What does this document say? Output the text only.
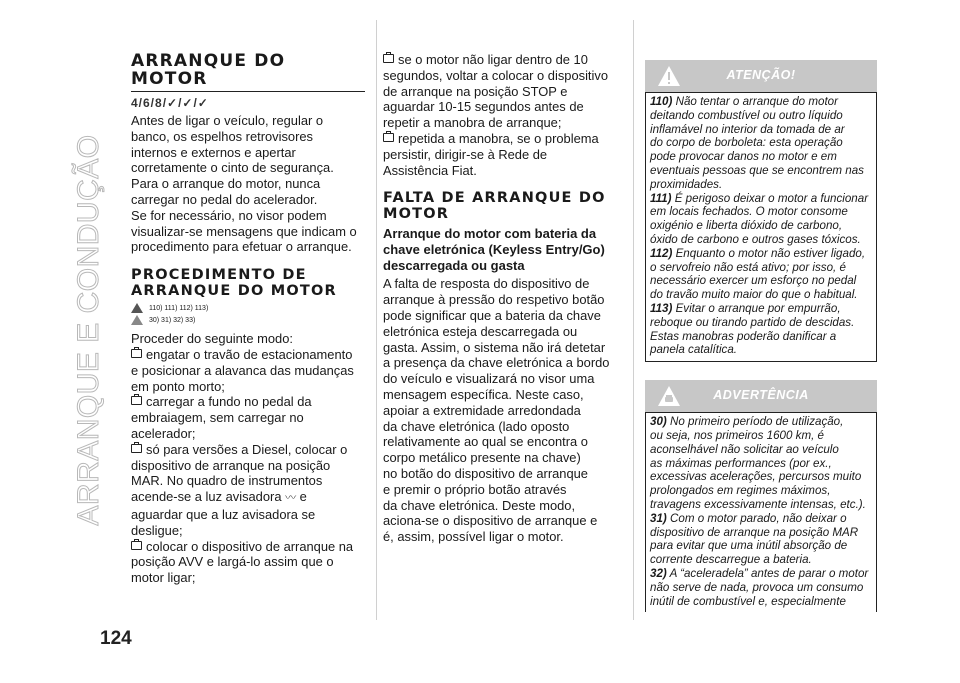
ARRANQUE E CONDUÇÃO
ARRANQUE DO
MOTOR
4/6/8/✓/✓/✓

Antes de ligar o veículo, regular o

banco, os espelhos retrovisores

internos e externos e apertar

corretamente o cinto de segurança.

Para o arranque do motor, nunca

carregar no pedal do acelerador.

Se for necessário, no visor podem

visualizar-se mensagens que indicam o

procedimento para efetuar o arranque.

PROCEDIMENTO DE
ARRANQUE DO MOTOR
110) 111) 112) 113)
30) 31) 32) 33)

Proceder do seguinte modo:

engatar o travão de estacionamento

e posicionar a alavanca das mudanças

em ponto morto;

carregar a fundo no pedal da

embraiagem, sem carregar no

acelerador;

só para versões a Diesel, colocar o

dispositivo de arranque na posição

MAR. No quadro de instrumentos

acende-se a luz avisadora 〰 e

aguardar que a luz avisadora se

desligue;

colocar o dispositivo de arranque na

posição AVV e largá-lo assim que o

motor ligar;

se o motor não ligar dentro de 10

segundos, voltar a colocar o dispositivo

de arranque na posição STOP e

aguardar 10-15 segundos antes de

repetir a manobra de arranque;

repetida a manobra, se o problema

persistir, dirigir-se à Rede de

Assistência Fiat.

FALTA DE ARRANQUE DO
MOTOR
Arranque do motor com bateria da
chave eletrónica (Keyless Entry/Go)
descarregada ou gasta

A falta de resposta do dispositivo de

arranque à pressão do respetivo botão

pode significar que a bateria da chave

eletrónica esteja descarregada ou

gasta. Assim, o sistema não irá detetar

a presença da chave eletrónica a bordo

do veículo e visualizará no visor uma

mensagem específica. Neste caso,

apoiar a extremidade arredondada

da chave eletrónica (lado oposto

relativamente ao qual se encontra o

corpo metálico presente na chave)

no botão do dispositivo de arranque

e premir o próprio botão através

da chave eletrónica. Deste modo,

aciona-se o dispositivo de arranque e

é, assim, possível ligar o motor.

ATENÇÃO!
110) Não tentar o arranque do motor
deitando combustível ou outro líquido
inflamável no interior da tomada de ar
do corpo de borboleta: esta operação
pode provocar danos no motor e em
eventuais pessoas que se encontrem nas
proximidades.
111) É perigoso deixar o motor a funcionar
em locais fechados. O motor consome
oxigénio e liberta dióxido de carbono,
óxido de carbono e outros gases tóxicos.
112) Enquanto o motor não estiver ligado,
o servofreio não está ativo; por isso, é
necessário exercer um esforço no pedal
do travão muito maior do que o habitual.
113) Evitar o arranque por empurrão,
reboque ou tirando partido de descidas.
Estas manobras poderão danificar a
panela catalítica.
ADVERTÊNCIA
30) No primeiro período de utilização,
ou seja, nos primeiros 1600 km, é
aconselhável não solicitar ao veículo
as máximas performances (por ex.,
excessivas acelerações, percursos muito
prolongados em regimes máximos,
travagens excessivamente intensas, etc.).
31) Com o motor parado, não deixar o
dispositivo de arranque na posição MAR
para evitar que uma inútil absorção de
corrente descarregue a bateria.
32) A “aceleradela” antes de parar o motor
não serve de nada, provoca um consumo
inútil de combustível e, especialmente
124
